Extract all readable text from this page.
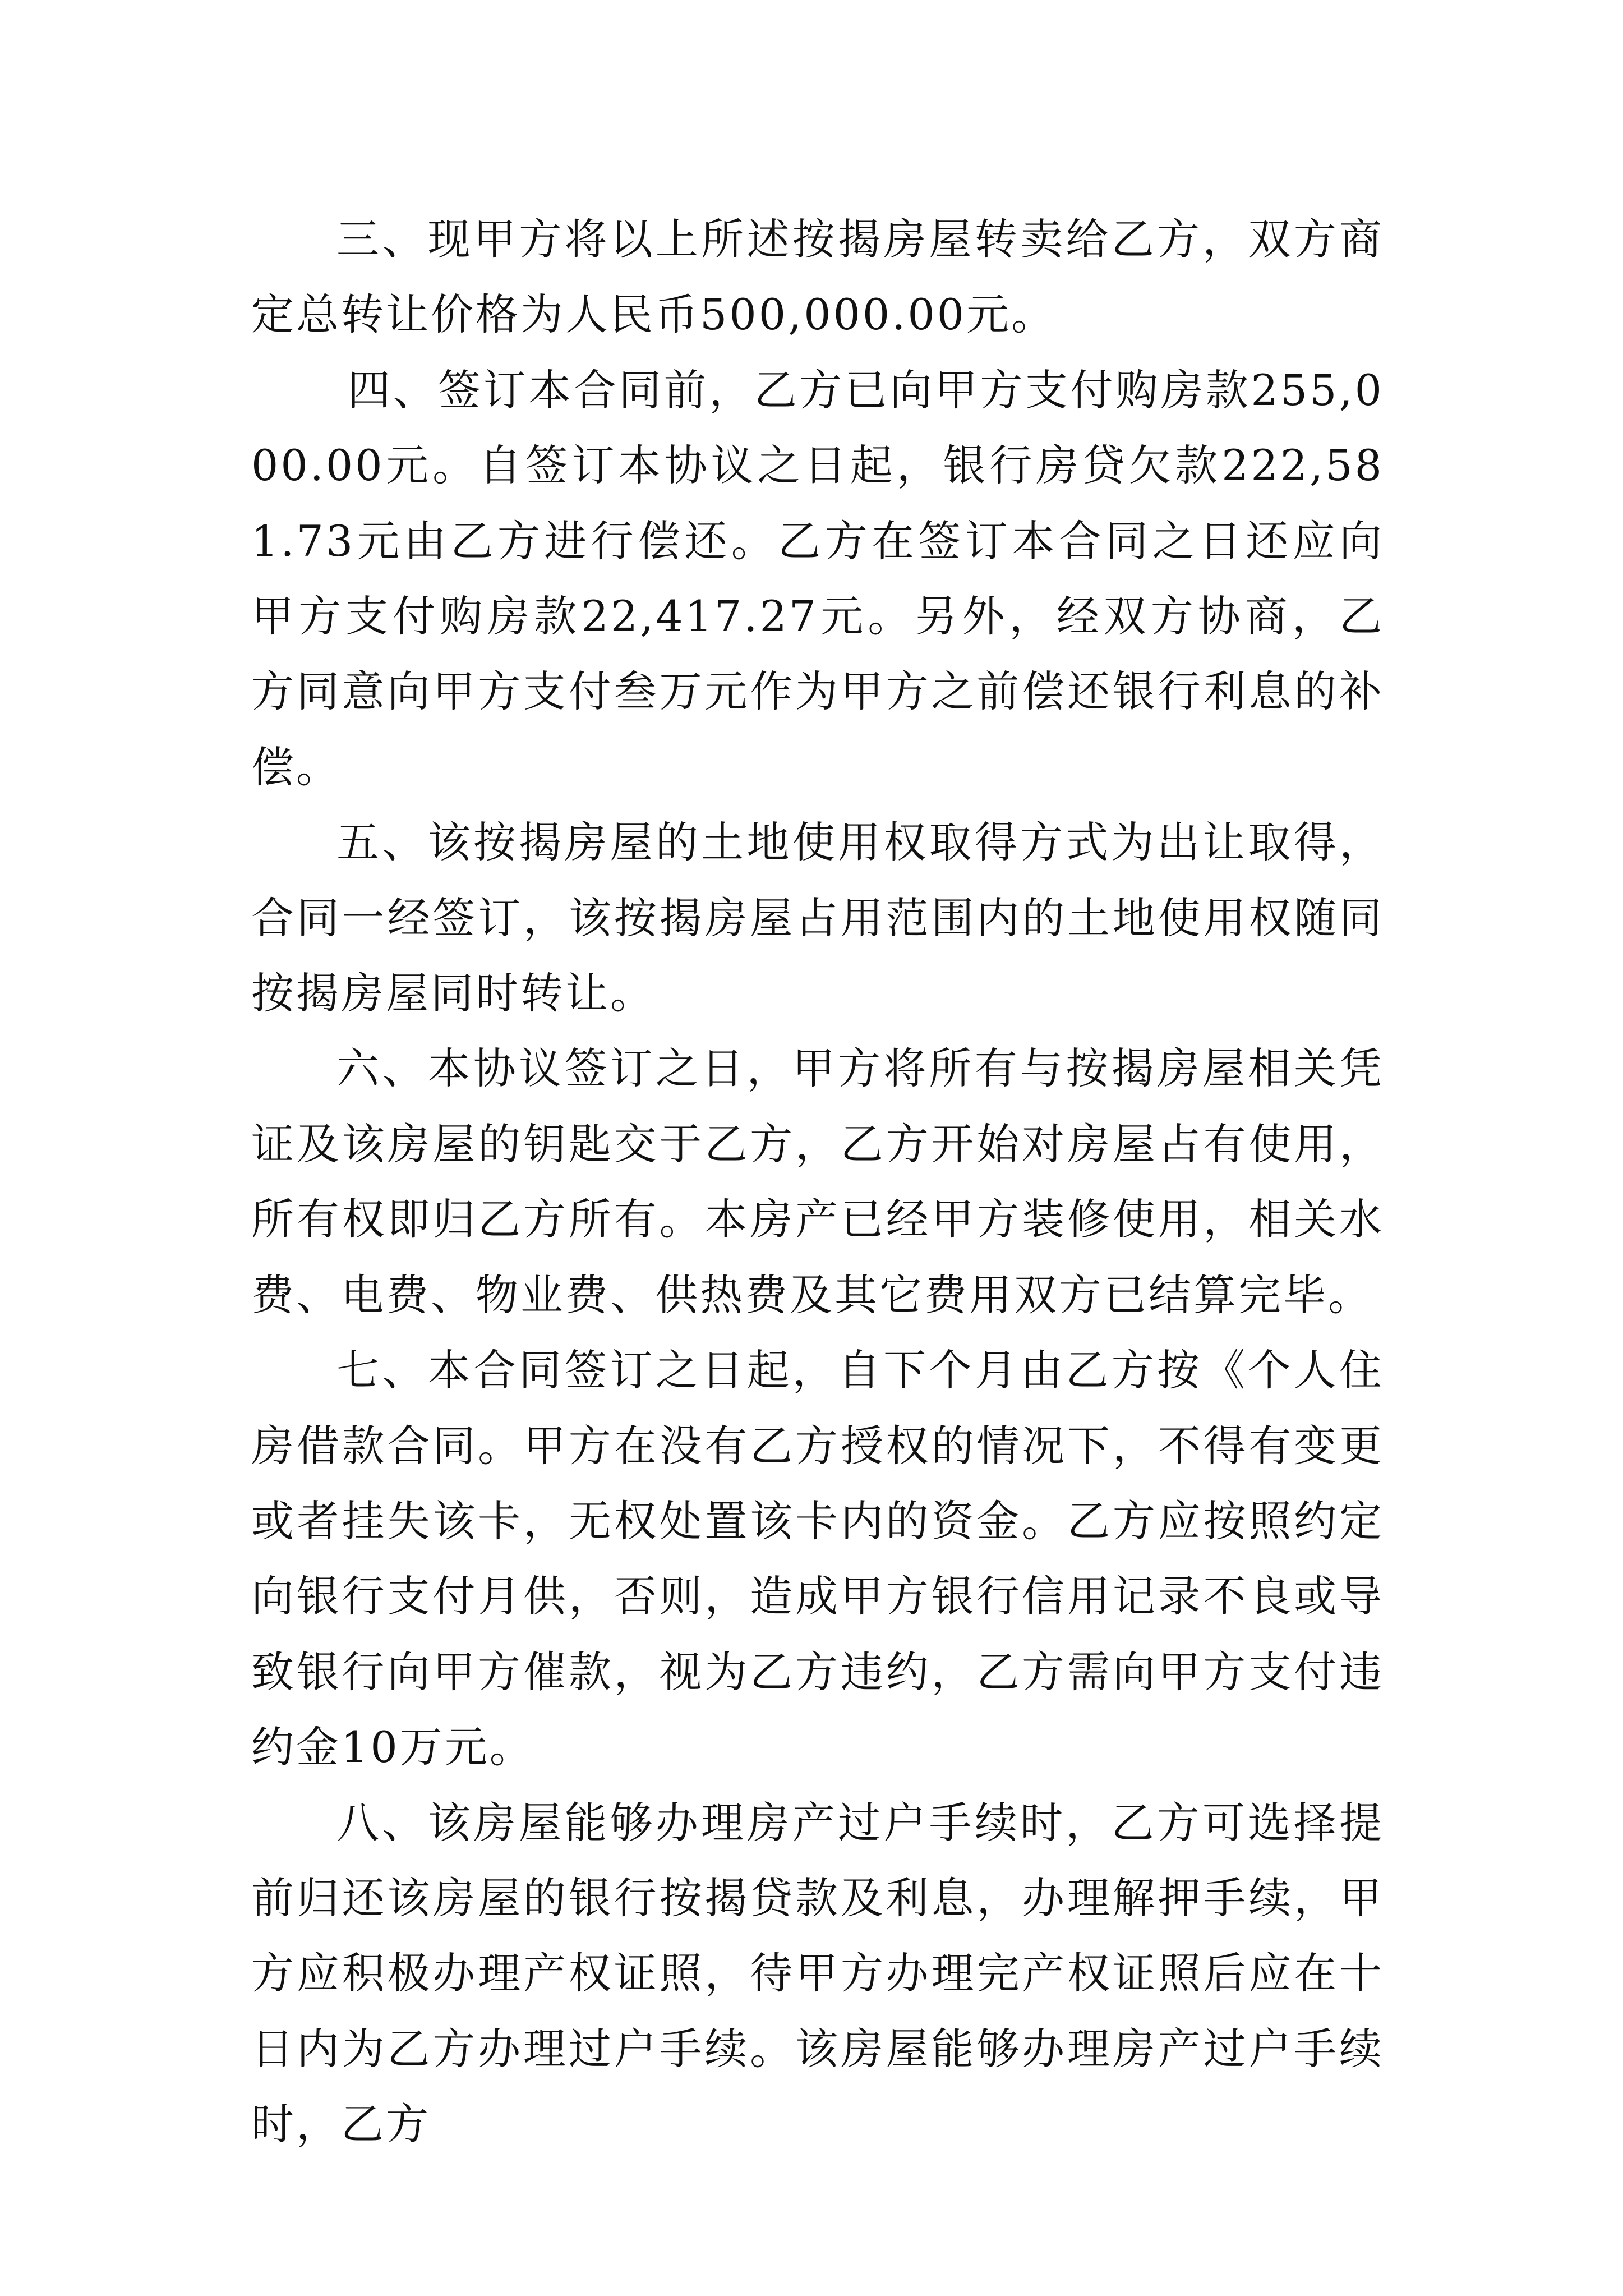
三、现甲方将以上所述按揭房屋转卖给乙方，双方商定总转让价格为人民币500,000.00元。

四、签订本合同前，乙方已向甲方支付购房款255,000.00元。自签订本协议之日起，银行房贷欠款222,581.73元由乙方进行偿还。乙方在签订本合同之日还应向甲方支付购房款22,417.27元。另外，经双方协商，乙方同意向甲方支付叁万元作为甲方之前偿还银行利息的补偿。

五、该按揭房屋的土地使用权取得方式为出让取得，合同一经签订，该按揭房屋占用范围内的土地使用权随同按揭房屋同时转让。

六、本协议签订之日，甲方将所有与按揭房屋相关凭证及该房屋的钥匙交于乙方，乙方开始对房屋占有使用，所有权即归乙方所有。本房产已经甲方装修使用，相关水费、电费、物业费、供热费及其它费用双方已结算完毕。

七、本合同签订之日起，自下个月由乙方按《个人住房借款合同。甲方在没有乙方授权的情况下，不得有变更或者挂失该卡，无权处置该卡内的资金。乙方应按照约定向银行支付月供，否则，造成甲方银行信用记录不良或导致银行向甲方催款，视为乙方违约，乙方需向甲方支付违约金10万元。

八、该房屋能够办理房产过户手续时，乙方可选择提前归还该房屋的银行按揭贷款及利息，办理解押手续，甲方应积极办理产权证照，待甲方办理完产权证照后应在十日内为乙方办理过户手续。该房屋能够办理房产过户手续时，乙方
